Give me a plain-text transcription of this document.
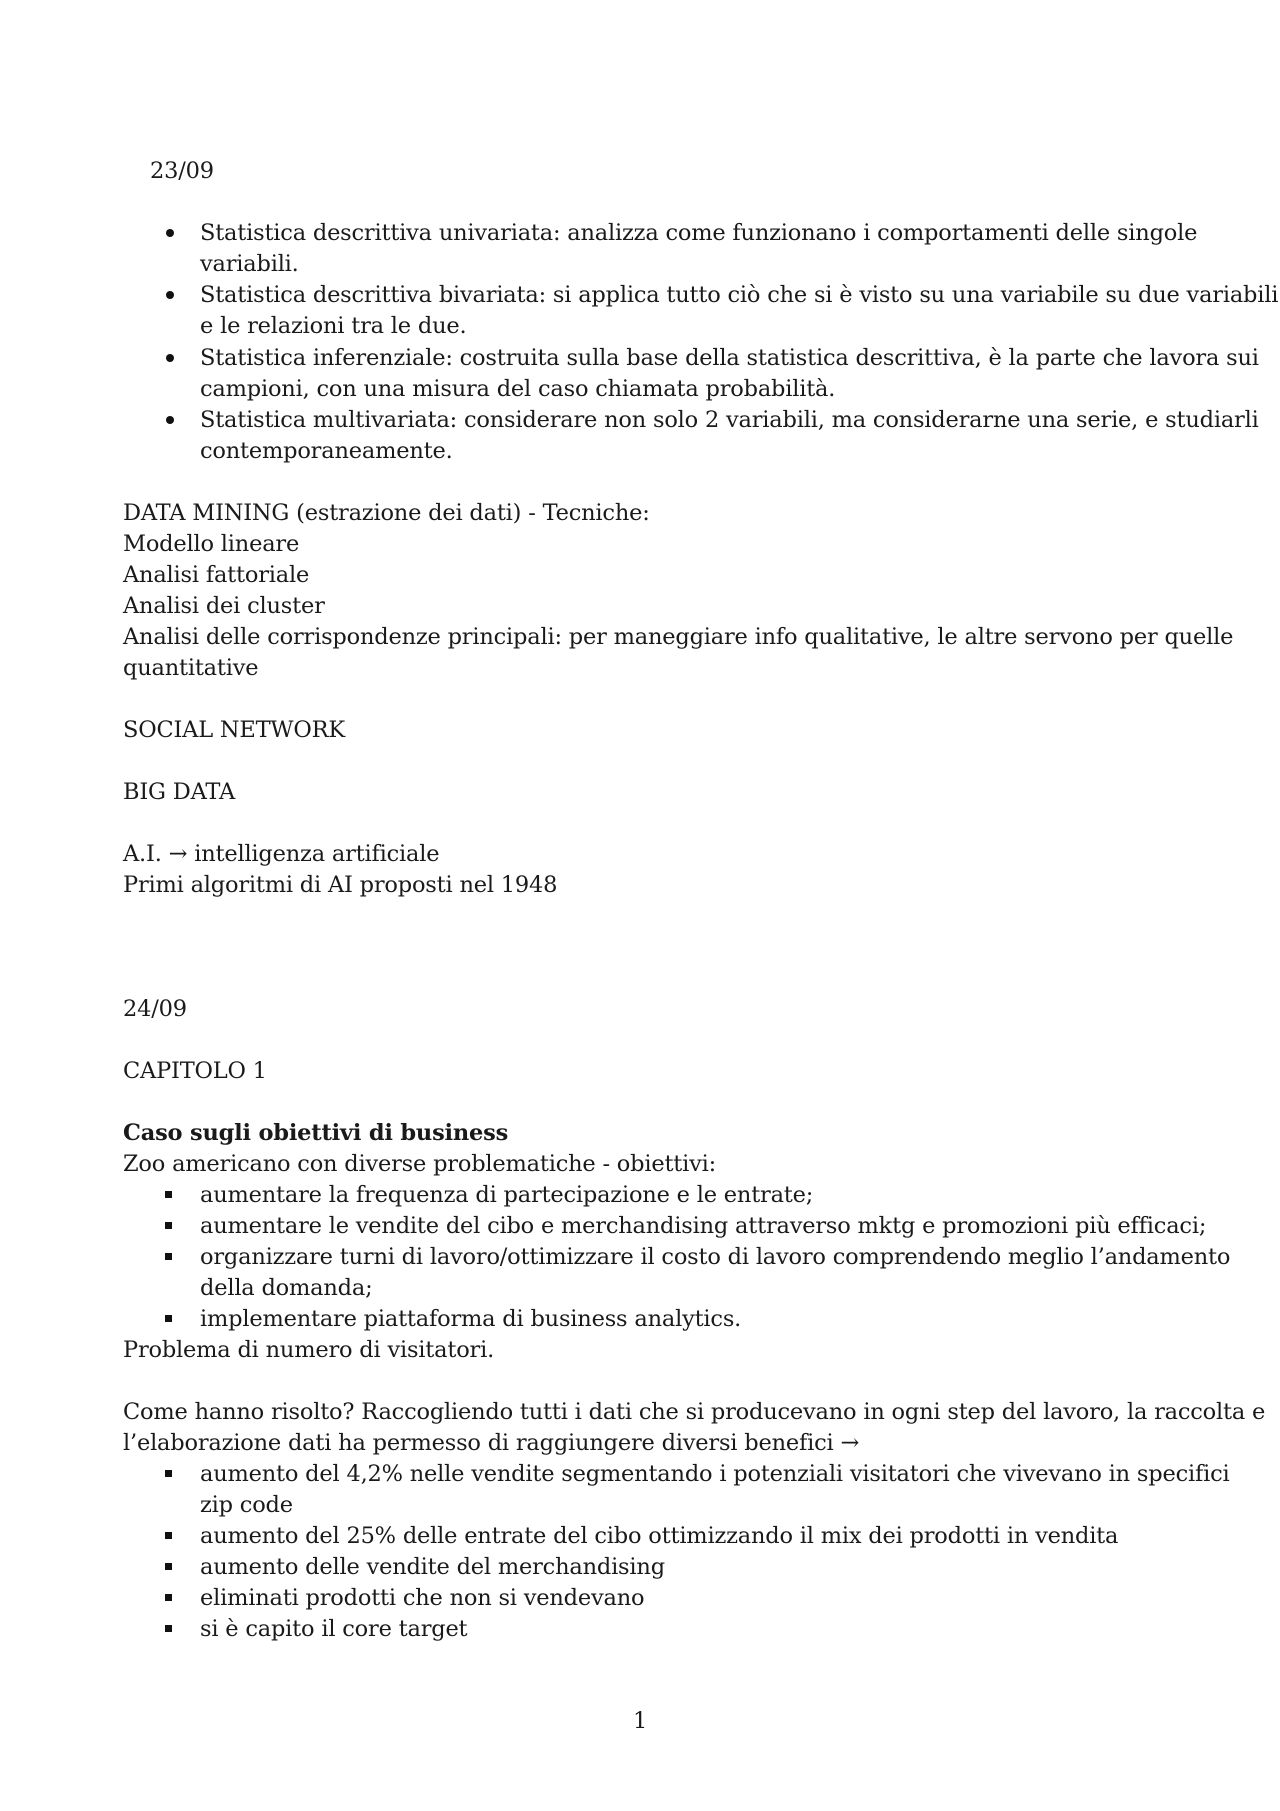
23/09
Statistica descrittiva univariata: analizza come funzionano i comportamenti delle singole
variabili.
Statistica descrittiva bivariata: si applica tutto ciò che si è visto su una variabile su due variabili
e le relazioni tra le due.
Statistica inferenziale: costruita sulla base della statistica descrittiva, è la parte che lavora sui
campioni, con una misura del caso chiamata probabilità.
Statistica multivariata: considerare non solo 2 variabili, ma considerarne una serie, e studiarli
contemporaneamente.
DATA MINING (estrazione dei dati) - Tecniche:
Modello lineare
Analisi fattoriale
Analisi dei cluster
Analisi delle corrispondenze principali: per maneggiare info qualitative, le altre servono per quelle
quantitative
SOCIAL NETWORK
BIG DATA
A.I. → intelligenza artificiale
Primi algoritmi di AI proposti nel 1948
24/09
CAPITOLO 1
Caso sugli obiettivi di business
Zoo americano con diverse problematiche - obiettivi:
aumentare la frequenza di partecipazione e le entrate;
aumentare le vendite del cibo e merchandising attraverso mktg e promozioni più efficaci;
organizzare turni di lavoro/ottimizzare il costo di lavoro comprendendo meglio l’andamento
della domanda;
implementare piattaforma di business analytics.
Problema di numero di visitatori.
Come hanno risolto? Raccogliendo tutti i dati che si producevano in ogni step del lavoro, la raccolta e
l’elaborazione dati ha permesso di raggiungere diversi benefici →
aumento del 4,2% nelle vendite segmentando i potenziali visitatori che vivevano in specifici
zip code
aumento del 25% delle entrate del cibo ottimizzando il mix dei prodotti in vendita
aumento delle vendite del merchandising
eliminati prodotti che non si vendevano
si è capito il core target
1
